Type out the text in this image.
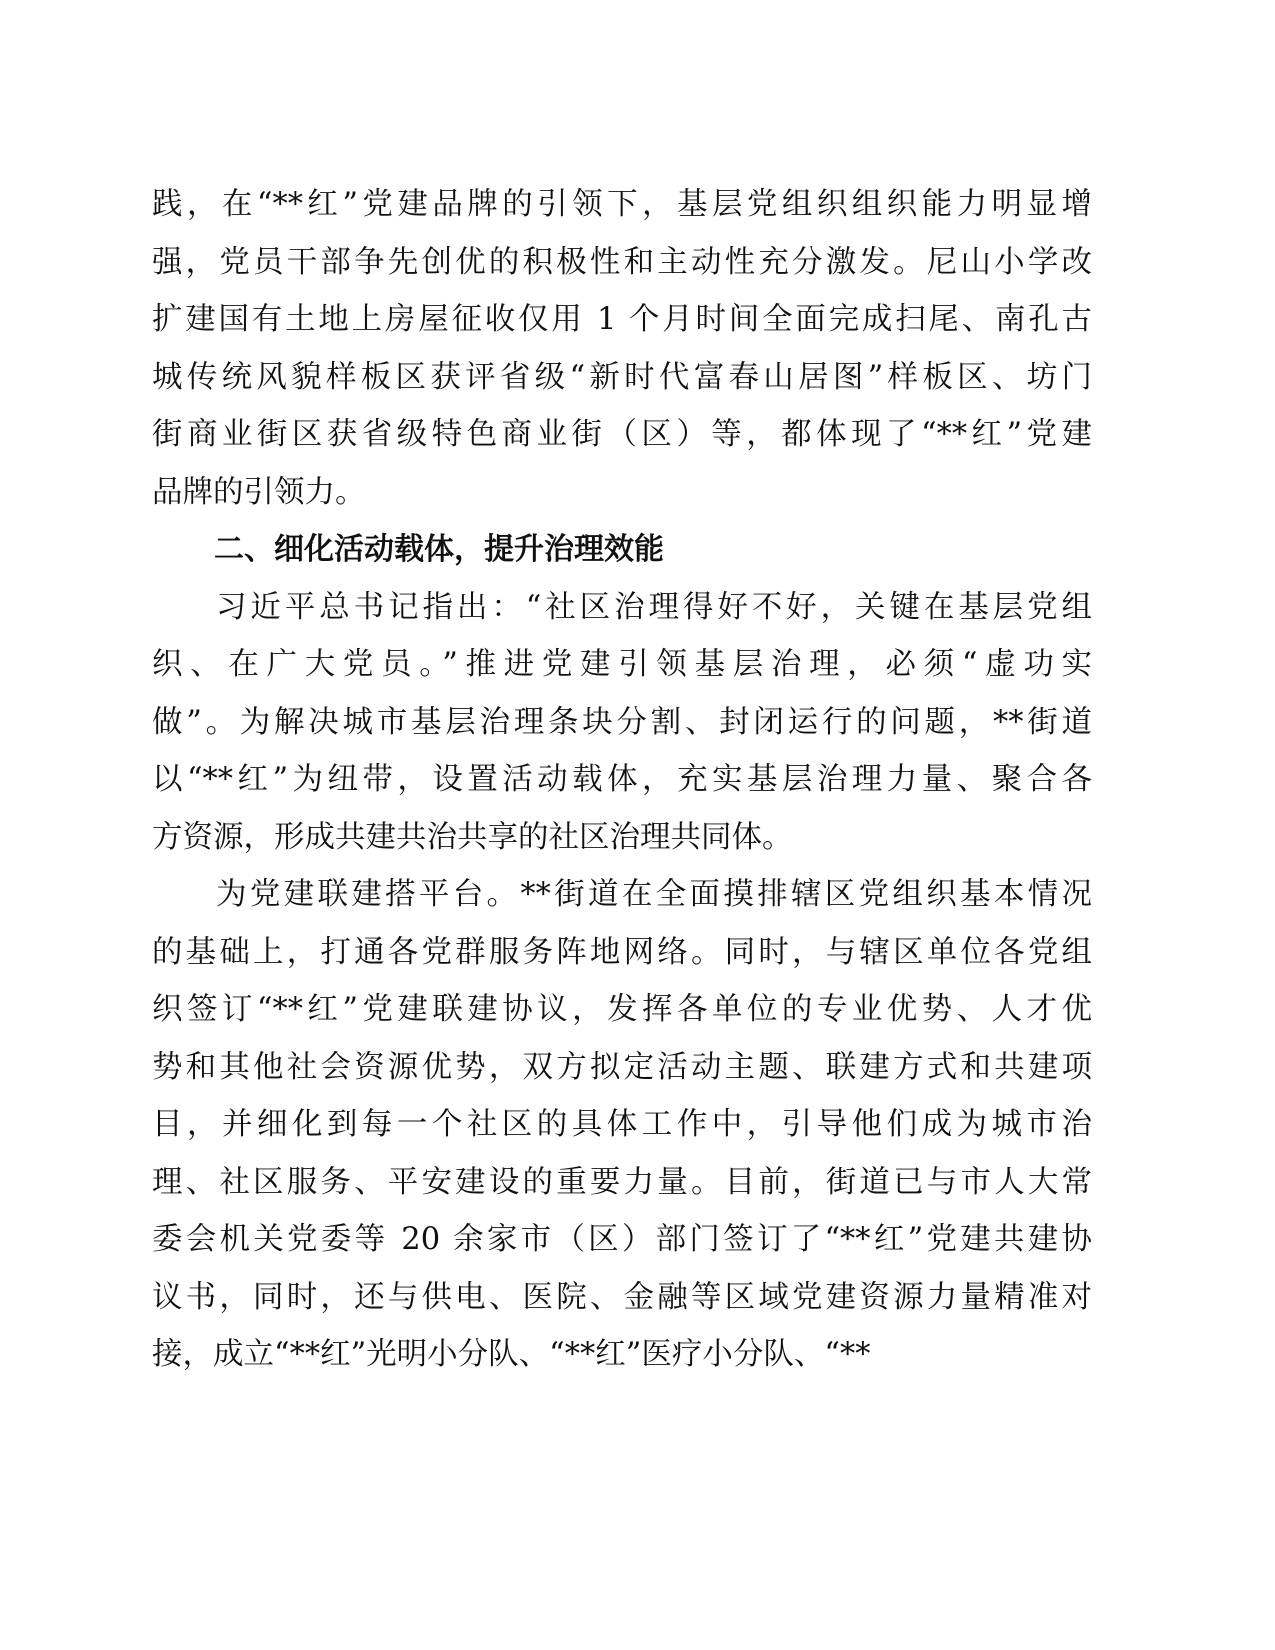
践，在“**红”党建品牌的引领下，基层党组织组织能力明显增
强，党员干部争先创优的积极性和主动性充分激发。尼山小学改
扩建国有土地上房屋征收仅用 1 个月时间全面完成扫尾、南孔古
城传统风貌样板区获评省级“新时代富春山居图”样板区、坊门
街商业街区获省级特色商业街（区）等，都体现了“**红”党建
品牌的引领力。
二、细化活动载体，提升治理效能
习近平总书记指出：“社区治理得好不好，关键在基层党组
织、在广大党员。”推进党建引领基层治理，必须“虚功实
做”。为解决城市基层治理条块分割、封闭运行的问题，**街道
以“**红”为纽带，设置活动载体，充实基层治理力量、聚合各
方资源，形成共建共治共享的社区治理共同体。
为党建联建搭平台。**街道在全面摸排辖区党组织基本情况
的基础上，打通各党群服务阵地网络。同时，与辖区单位各党组
织签订“**红”党建联建协议，发挥各单位的专业优势、人才优
势和其他社会资源优势，双方拟定活动主题、联建方式和共建项
目，并细化到每一个社区的具体工作中，引导他们成为城市治
理、社区服务、平安建设的重要力量。目前，街道已与市人大常
委会机关党委等 20 余家市（区）部门签订了“**红”党建共建协
议书，同时，还与供电、医院、金融等区域党建资源力量精准对
接，成立“**红”光明小分队、“**红”医疗小分队、“**
